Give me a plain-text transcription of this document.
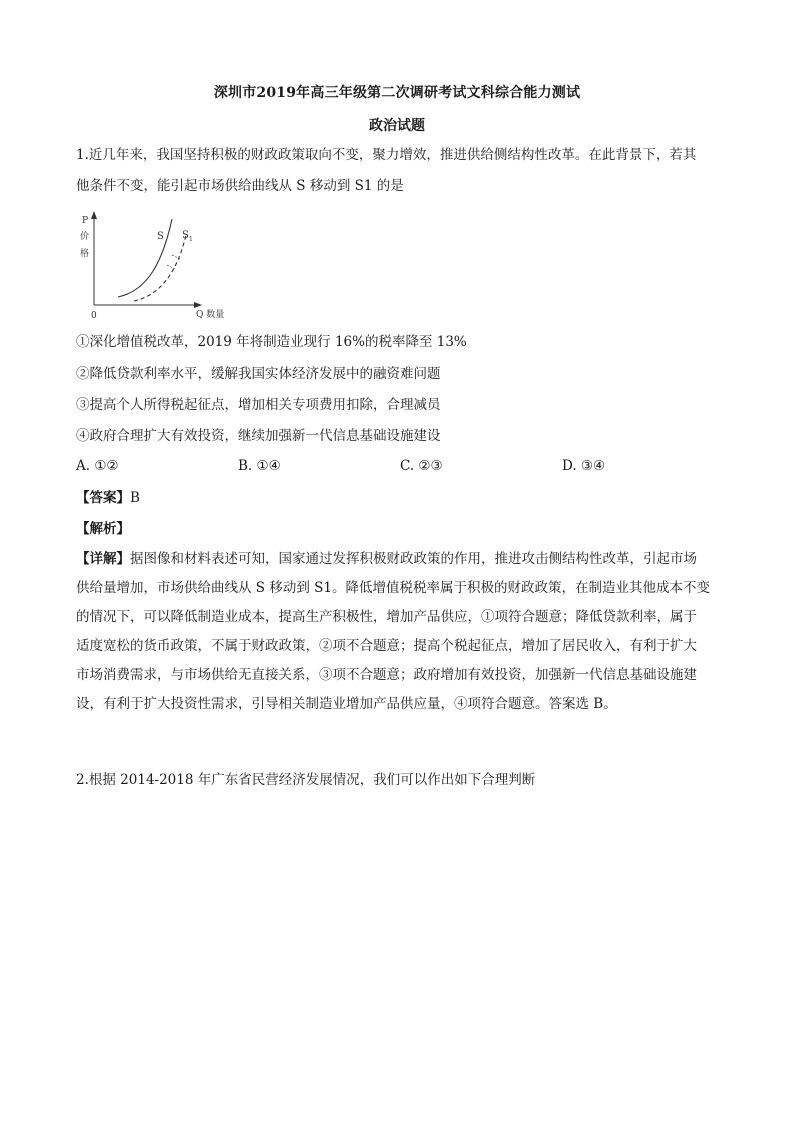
深圳市2019年高三年级第二次调研考试文科综合能力测试
政治试题
1.近几年来，我国坚持积极的财政政策取向不变，聚力增效，推进供给侧结构性改革。在此背景下，若其
他条件不变，能引起市场供给曲线从 S 移动到 S1 的是
P
价
格
0	Q 数量
S S 1
①深化增值税改革，2019 年将制造业现行 16%的税率降至 13%
②降低贷款利率水平，缓解我国实体经济发展中的融资难问题
③提高个人所得税起征点，增加相关专项费用扣除，合理减员
④政府合理扩大有效投资，继续加强新一代信息基础设施建设
A. ①②	B. ①④	C. ②③	D. ③④
【答案】B
【解析】
【详解】据图像和材料表述可知，国家通过发挥积极财政政策的作用，推进攻击侧结构性改革，引起市场
供给量增加，市场供给曲线从 S 移动到 S1。降低增值税税率属于积极的财政政策，在制造业其他成本不变
的情况下，可以降低制造业成本，提高生产积极性，增加产品供应，①项符合题意；降低贷款利率，属于
适度宽松的货币政策，不属于财政政策，②项不合题意；提高个税起征点，增加了居民收入，有利于扩大
市场消费需求，与市场供给无直接关系，③项不合题意；政府增加有效投资，加强新一代信息基础设施建
设，有利于扩大投资性需求，引导相关制造业增加产品供应量，④项符合题意。答案选 B。
2.根据 2014-2018 年广东省民营经济发展情况，我们可以作出如下合理判断
